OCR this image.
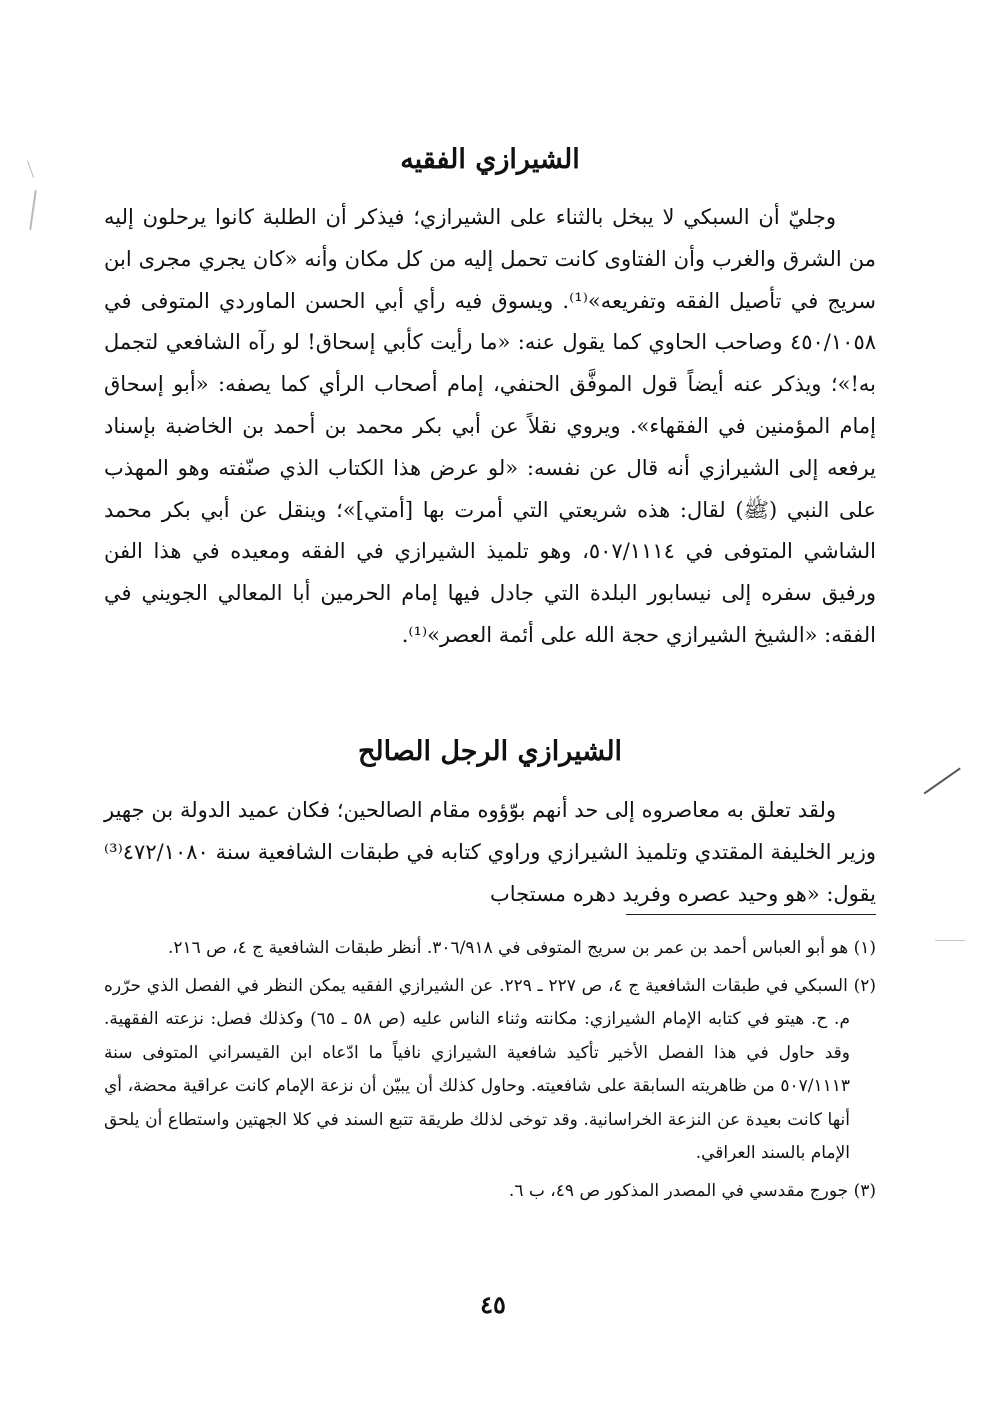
الشيرازي الفقيه

وجليّ أن السبكي لا يبخل بالثناء على الشيرازي؛ فيذكر أن الطلبة كانوا يرحلون إليه من الشرق والغرب وأن الفتاوى كانت تحمل إليه من كل مكان وأنه «كان يجري مجرى ابن سريج في تأصيل الفقه وتفريعه»⁽¹⁾. ويسوق فيه رأي أبي الحسن الماوردي المتوفى في ٤٥٠/١٠٥٨ وصاحب الحاوي كما يقول عنه: «ما رأيت كأبي إسحاق! لو رآه الشافعي لتجمل به!»؛ ويذكر عنه أيضاً قول الموفَّق الحنفي، إمام أصحاب الرأي كما يصفه: «أبو إسحاق إمام المؤمنين في الفقهاء». ويروي نقلاً عن أبي بكر محمد بن أحمد بن الخاضبة بإسناد يرفعه إلى الشيرازي أنه قال عن نفسه: «لو عرض هذا الكتاب الذي صنّفته وهو المهذب على النبي (ﷺ) لقال: هذه شريعتي التي أمرت بها [أمتي]»؛ وينقل عن أبي بكر محمد الشاشي المتوفى في ٥٠٧/١١١٤، وهو تلميذ الشيرازي في الفقه ومعيده في هذا الفن ورفيق سفره إلى نيسابور البلدة التي جادل فيها إمام الحرمين أبا المعالي الجويني في الفقه: «الشيخ الشيرازي حجة الله على أئمة العصر»⁽¹⁾.

الشيرازي الرجل الصالح

ولقد تعلق به معاصروه إلى حد أنهم بوّؤوه مقام الصالحين؛ فكان عميد الدولة بن جهير وزير الخليفة المقتدي وتلميذ الشيرازي وراوي كتابه في طبقات الشافعية سنة ٤٧٢/١٠٨٠⁽³⁾ يقول: «هو وحيد عصره وفريد دهره مستجاب

(١) هو أبو العباس أحمد بن عمر بن سريج المتوفى في ٣٠٦/٩١٨. أنظر طبقات الشافعية ج ٤، ص ٢١٦.

(٢) السبكي في طبقات الشافعية ج ٤، ص ٢٢٧ ـ ٢٢٩. عن الشيرازي الفقيه يمكن النظر في الفصل الذي حرّره م. ح. هيتو في كتابه الإمام الشيرازي: مكانته وثناء الناس عليه (ص ٥٨ ـ ٦٥) وكذلك فصل: نزعته الفقهية. وقد حاول في هذا الفصل الأخير تأكيد شافعية الشيرازي نافياً ما ادّعاه ابن القيسراني المتوفى سنة ٥٠٧/١١١٣ من ظاهريته السابقة على شافعيته. وحاول كذلك أن يبيّن أن نزعة الإمام كانت عراقية محضة، أي أنها كانت بعيدة عن النزعة الخراسانية. وقد توخى لذلك طريقة تتبع السند في كلا الجهتين واستطاع أن يلحق الإمام بالسند العراقي.

(٣) جورج مقدسي في المصدر المذكور ص ٤٩، ب ٦.

٤٥
